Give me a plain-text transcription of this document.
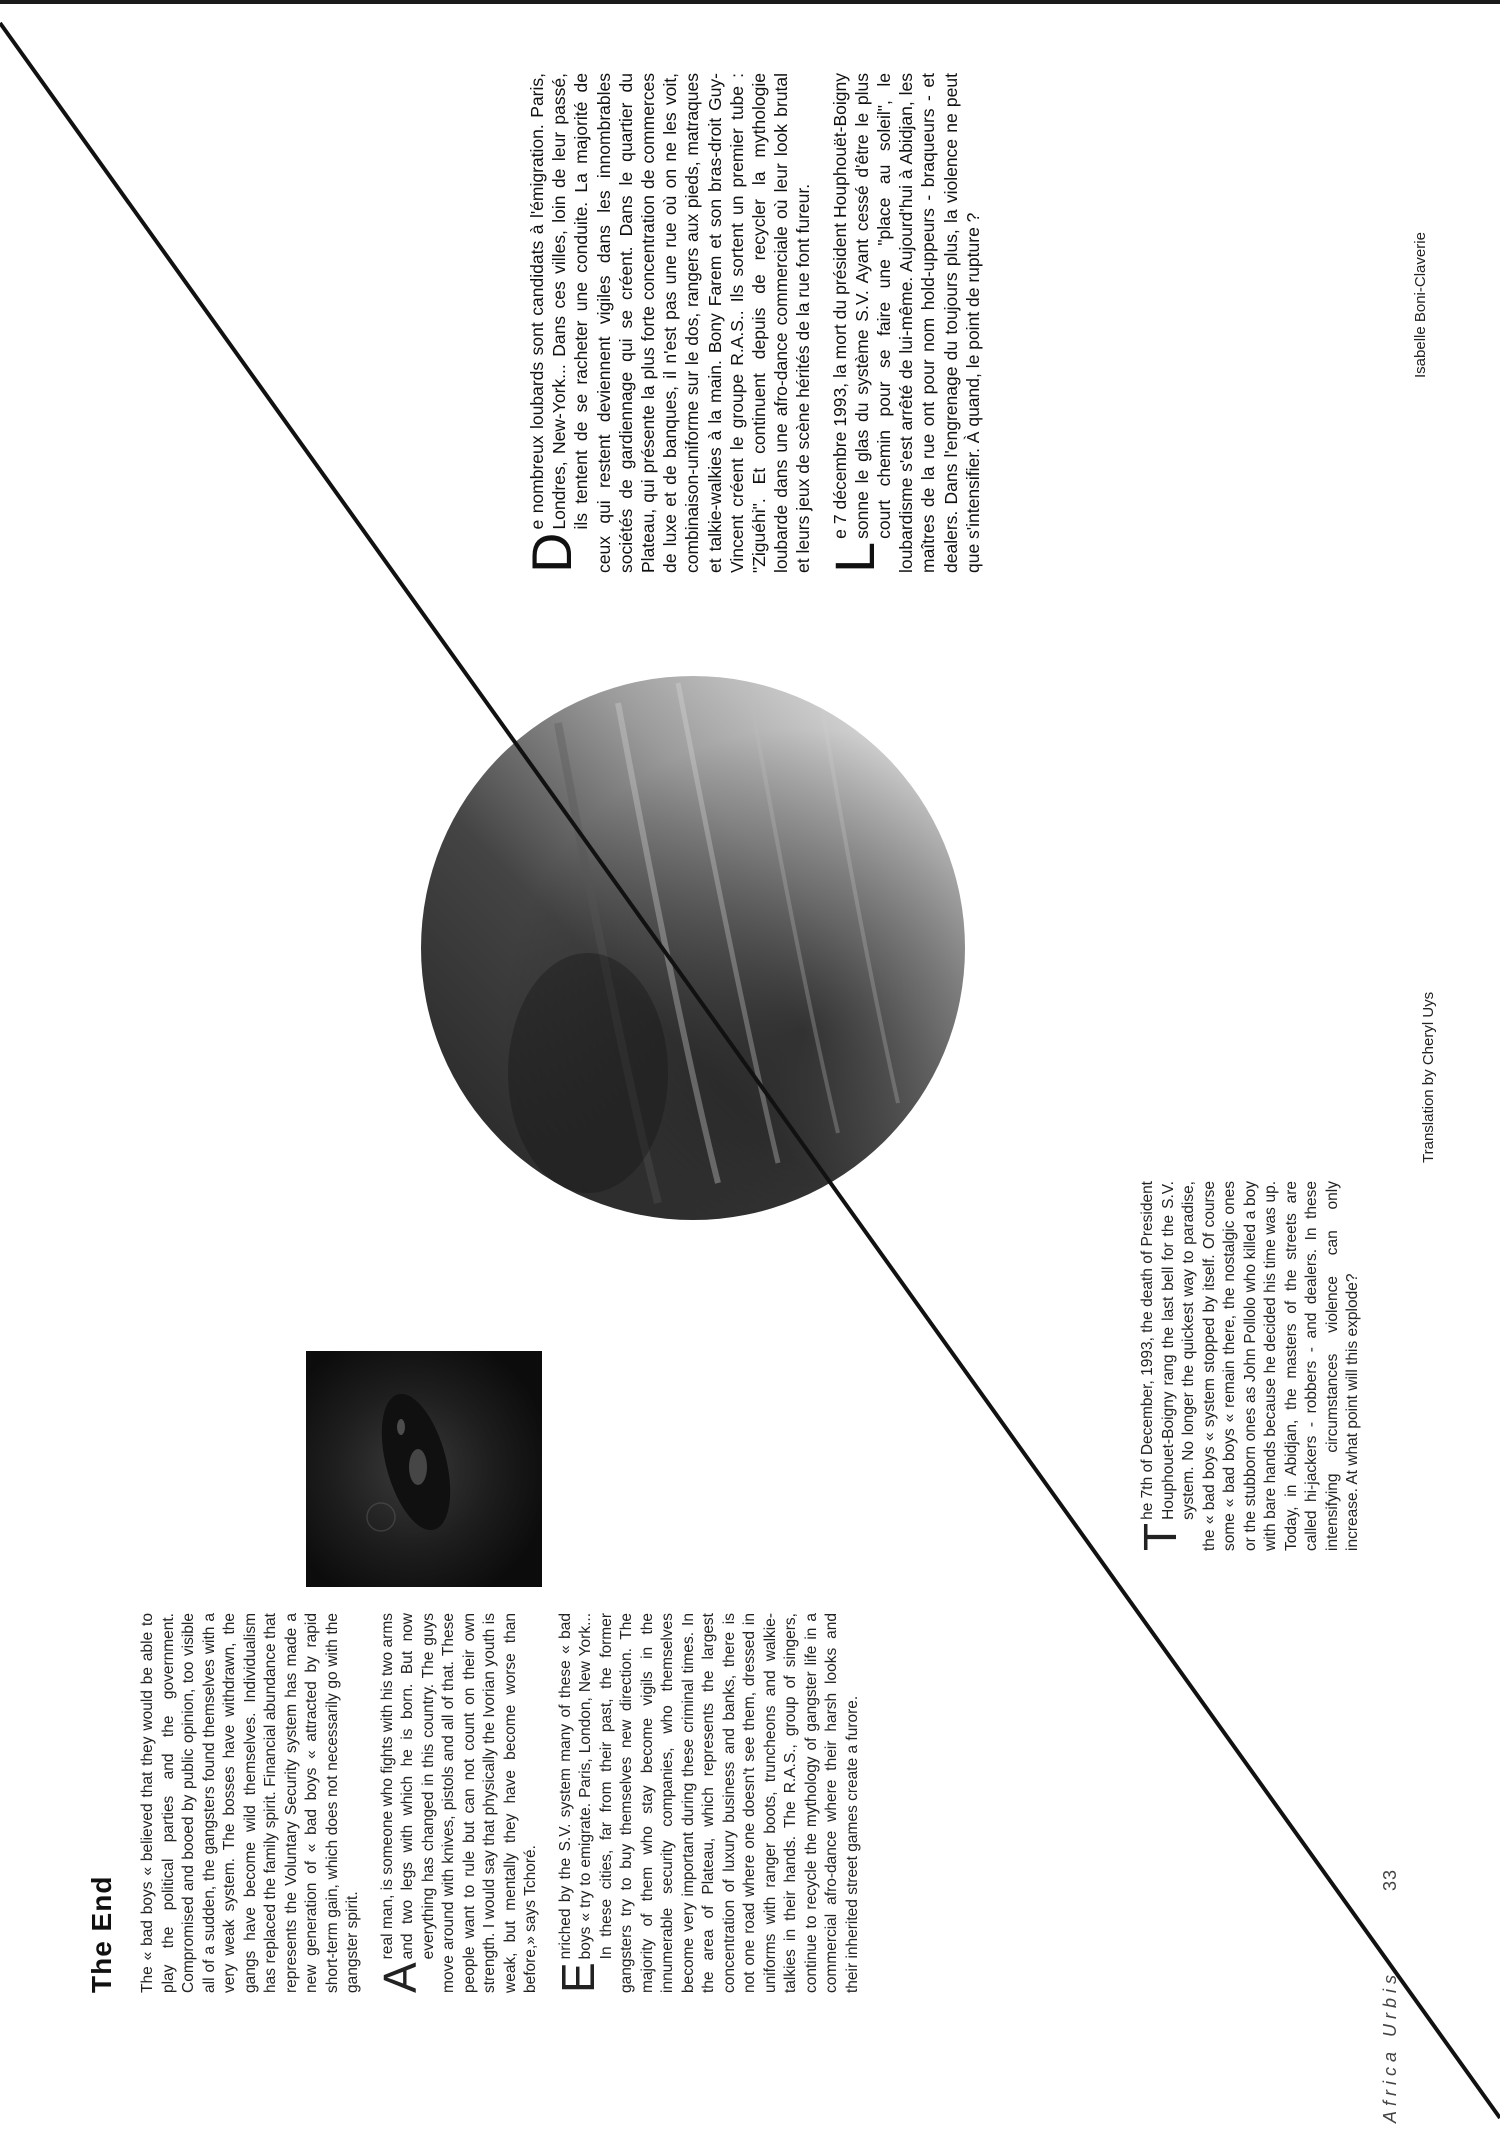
Africa Urbis
33
The End The « bad boys « believed that they would be able to play the political parties and the government. Compromised and booed by public opinion, too visible all of a sudden, the gangsters found themselves with a very weak system. The bosses have withdrawn, the gangs have become wild themselves. Individualism has replaced the family spirit. Financial abundance that represents the Voluntary Security system has made a new generation of « bad boys « attracted by rapid short-term gain, which does not necessarily go with the gangster spirit. A
real man, is someone who fights with his two arms and two legs with which he is born. But now everything has changed in this country. The guys move around with knives, pistols and all of that. These people want to rule but can not count on their own strength. I would say that physically the Ivorian youth is weak, but mentally they have become worse than before,» says Tchoré. E
nriched by the S.V. system many of these « bad boys « try to emigrate. Paris, London, New York... In these cities, far from their past, the former gangsters try to buy themselves new direction. The majority of them who stay become vigils in the innumerable security companies, who themselves become very important during these criminal times. In the area of Plateau, which represents the largest concentration of luxury business and banks, there is not one road where one doesn't see them, dressed in uniforms with ranger boots, truncheons and walkie-talkies in their hands. The R.A.S., group of singers, continue to recycle the mythology of gangster life in a commercial afro-dance where their harsh looks and their inherited street games create a furore.

T
he 7th of December, 1993, the death of President Houphouet-Boigny rang the last bell for the S.V. system. No longer the quickest way to paradise, the « bad boys « system stopped by itself. Of course some « bad boys « remain there, the nostalgic ones or the stubborn ones as John Pollolo who killed a boy with bare hands because he decided his time was up. Today, in Abidjan, the masters of the streets are called hi-jackers - robbers - and dealers. In these intensifying circumstances violence can only increase. At what point will this explode?

Translation by Cheryl Uys

D
e nombreux loubards sont candidats à l'émigration. Paris, Londres, New-York... Dans ces villes, loin de leur passé, ils tentent de se racheter une conduite. La majorité de ceux qui restent deviennent vigiles dans les innombrables sociétés de gardiennage qui se créent. Dans le quartier du Plateau, qui présente la plus forte concentration de commerces de luxe et de banques, il n'est pas une rue où on ne les voit, combinaison-uniforme sur le dos, rangers aux pieds, matraques et talkie-walkies à la main. Bony Farem et son bras-droit Guy-Vincent créent le groupe R.A.S.. Ils sortent un premier tube : "Ziguéhi". Et continuent depuis de recycler la mythologie loubarde dans une afro-dance commerciale où leur look brutal et leurs jeux de scène hérités de la rue font fureur. L
e 7 décembre 1993, la mort du président Houphouët-Boigny sonne le glas du système S.V. Ayant cessé d'être le plus court chemin pour se faire une "place au soleil", le loubardisme s'est arrêté de lui-même. Aujourd'hui à Abidjan, les maîtres de la rue ont pour nom hold-uppeurs - braqueurs - et dealers. Dans l'engrenage du toujours plus, la violence ne peut que s'intensifier. À quand, le point de rupture ?	Isabelle Boni-Claverie
